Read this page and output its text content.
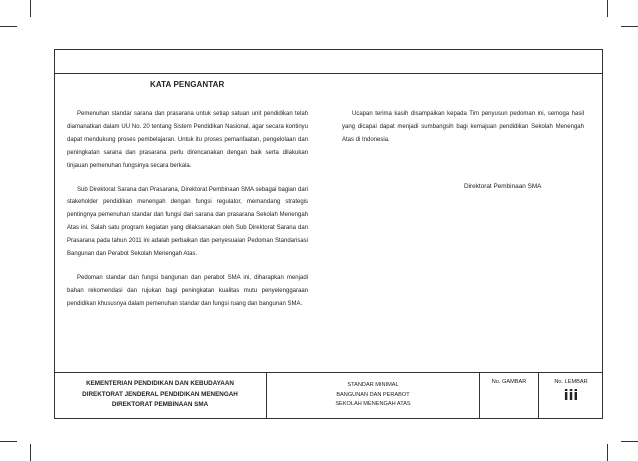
KATA PENGANTAR

Pemenuhan standar sarana dan prasarana untuk setiap satuan unit pendidikan telah diamanatkan dalam UU No. 20 tentang Sistem Pendidikan Nasional, agar secara kontinyu dapat mendukung proses pembelajaran. Untuk itu proses pemanfaatan, pengelolaan dan peningkatan sarana dan prasarana perlu direncanakan dengan baik serta dilakukan tinjauan pemenuhan fungsinya secara berkala.

Sub Direktorat Sarana dan Prasarana, Direktorat Pembinaan SMA sebagai bagian dari stakeholder pendidikan menengah dengan fungsi regulator, memandang strategis pentingnya pemenuhan standar dan fungsi dari sarana dan prasarana Sekolah Menengah Atas ini. Salah satu program kegiatan yang dilaksanakan oleh Sub Direktorat Sarana dan Prasarana pada tahun 2011 ini adalah perbaikan dan penyesuaian Pedoman Standarisasi Bangunan dan Perabot Sekolah Menengah Atas.

Pedoman standar dan fungsi bangunan dan perabot SMA ini, diharapkan menjadi bahan rekomendasi dan rujukan bagi peningkatan kualitas mutu penyelenggaraan pendidikan khususnya dalam pemenuhan standar dan fungsi ruang dan bangunan SMA.

Ucapan terima kasih disampaikan kepada Tim penyusun pedoman ini, semoga hasil yang dicapai dapat menjadi sumbangsih bagi kemajuan pendidikan Sekolah Menengah Atas di Indonesia.

Direktorat Pembinaan SMA
KEMENTERIAN PENDIDIKAN DAN KEBUDAYAAN
DIREKTORAT JENDERAL PENDIDIKAN MENENGAH
DIREKTORAT PEMBINAAN SMA
STANDAR MINIMAL
BANGUNAN DAN PERABOT
SEKOLAH MENENGAH ATAS
No. GAMBAR	No. LEMBAR
iii
